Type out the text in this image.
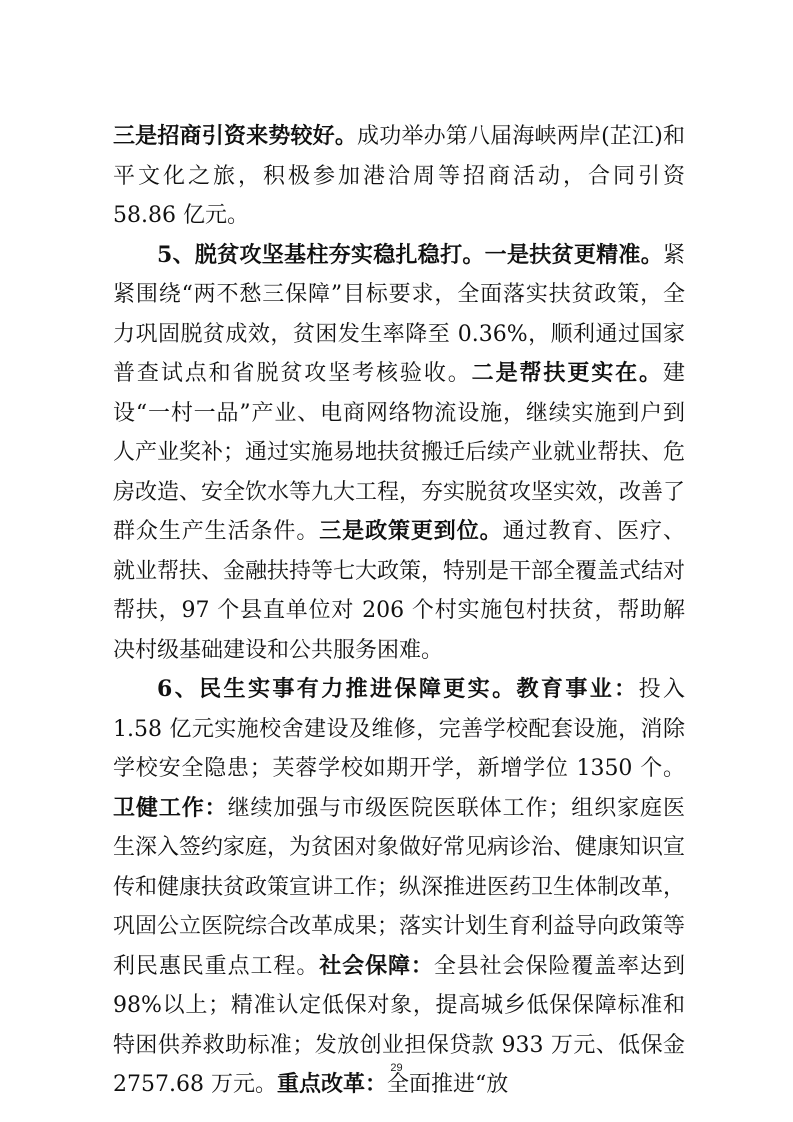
三是招商引资来势较好。成功举办第八届海峡两岸(芷江)和平文化之旅，积极参加港洽周等招商活动，合同引资 58.86 亿元。

5、脱贫攻坚基柱夯实稳扎稳打。一是扶贫更精准。紧紧围绕“两不愁三保障”目标要求，全面落实扶贫政策，全力巩固脱贫成效，贫困发生率降至 0.36%，顺利通过国家普查试点和省脱贫攻坚考核验收。二是帮扶更实在。建设“一村一品”产业、电商网络物流设施，继续实施到户到人产业奖补；通过实施易地扶贫搬迁后续产业就业帮扶、危房改造、安全饮水等九大工程，夯实脱贫攻坚实效，改善了群众生产生活条件。三是政策更到位。通过教育、医疗、就业帮扶、金融扶持等七大政策，特别是干部全覆盖式结对帮扶，97 个县直单位对 206 个村实施包村扶贫，帮助解决村级基础建设和公共服务困难。

6、民生实事有力推进保障更实。教育事业：投入 1.58 亿元实施校舍建设及维修，完善学校配套设施，消除学校安全隐患；芙蓉学校如期开学，新增学位 1350 个。卫健工作：继续加强与市级医院医联体工作；组织家庭医生深入签约家庭，为贫困对象做好常见病诊治、健康知识宣传和健康扶贫政策宣讲工作；纵深推进医药卫生体制改革，巩固公立医院综合改革成果；落实计划生育利益导向政策等利民惠民重点工程。社会保障：全县社会保险覆盖率达到 98%以上；精准认定低保对象，提高城乡低保保障标准和特困供养救助标准；发放创业担保贷款 933 万元、低保金 2757.68 万元。重点改革：全面推进“放

29
